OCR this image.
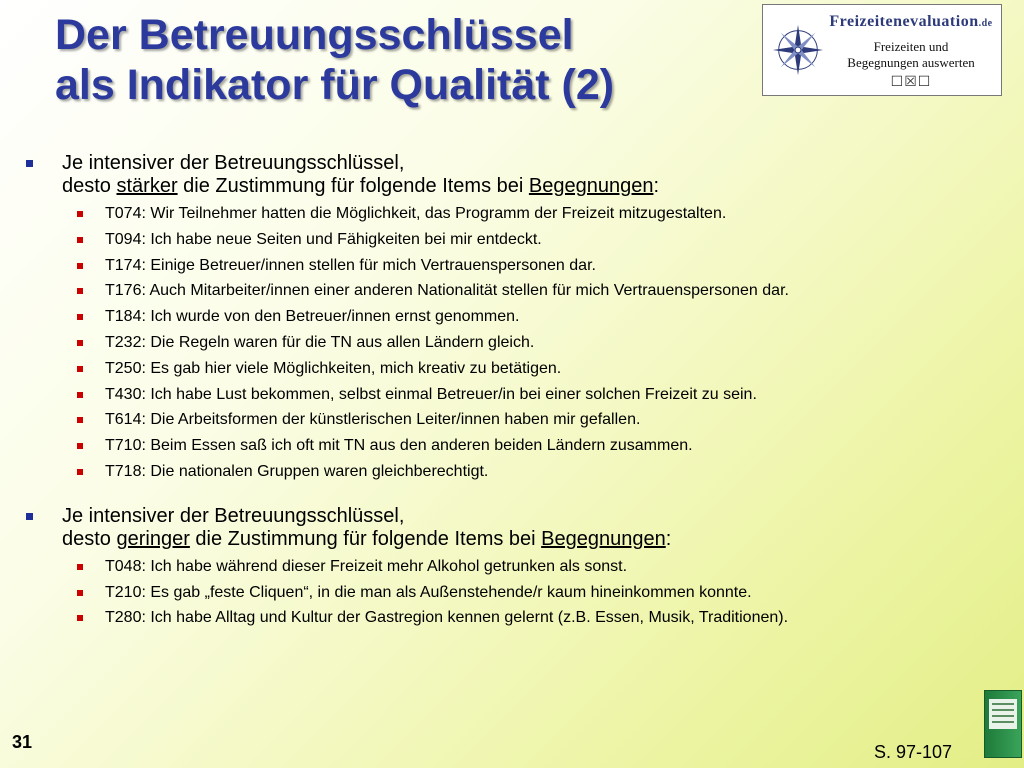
Der Betreuungsschlüssel
als Indikator für Qualität (2)
Freizeitenevaluation.de
Freizeiten und
Begegnungen auswerten
☐☒☐

Je intensiver der Betreuungsschlüssel,

desto stärker die Zustimmung für folgende Items bei Begegnungen:

T074: Wir Teilnehmer hatten die Möglichkeit, das Programm der Freizeit mitzugestalten.
T094: Ich habe neue Seiten und Fähigkeiten bei mir entdeckt.
T174: Einige Betreuer/innen stellen für mich Vertrauenspersonen dar.
T176: Auch Mitarbeiter/innen einer anderen Nationalität stellen für mich Vertrauenspersonen dar.
T184: Ich wurde von den Betreuer/innen ernst genommen.
T232: Die Regeln waren für die TN aus allen Ländern gleich.
T250: Es gab hier viele Möglichkeiten, mich kreativ zu betätigen.
T430: Ich habe Lust bekommen, selbst einmal Betreuer/in bei einer solchen Freizeit zu sein.
T614: Die Arbeitsformen der künstlerischen Leiter/innen haben mir gefallen.
T710: Beim Essen saß ich oft mit TN aus den anderen beiden Ländern zusammen.
T718: Die nationalen Gruppen waren gleichberechtigt.

Je intensiver der Betreuungsschlüssel,

desto geringer die Zustimmung für folgende Items bei Begegnungen:

T048: Ich habe während dieser Freizeit mehr Alkohol getrunken als sonst.
T210: Es gab „feste Cliquen“, in die man als Außenstehende/r kaum hineinkommen konnte.
T280: Ich habe Alltag und Kultur der Gastregion kennen gelernt (z.B. Essen, Musik, Traditionen).
31	S. 97-107
